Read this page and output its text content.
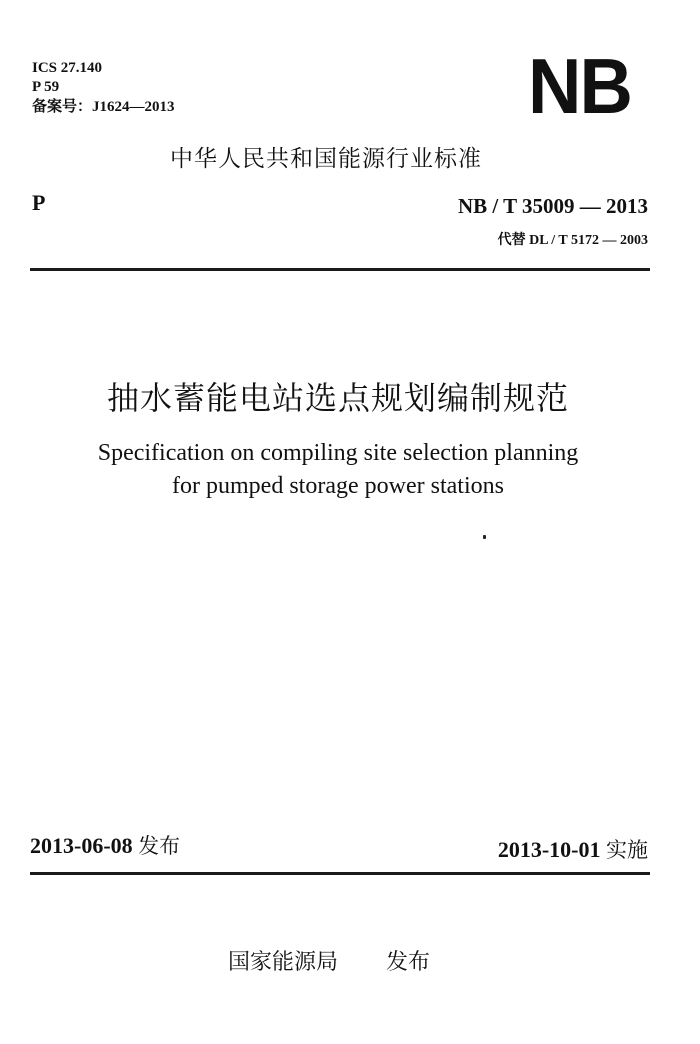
ICS 27.140
P 59
备案号：J1624—2013	NB
中华人民共和国能源行业标准
P	NB / T 35009 — 2013
代替 DL / T 5172 — 2003
抽水蓄能电站选点规划编制规范
Specification on compiling site selection planning
for pumped storage power stations
2013-06-08 发布	2013-10-01 实施
国家能源局 发布
